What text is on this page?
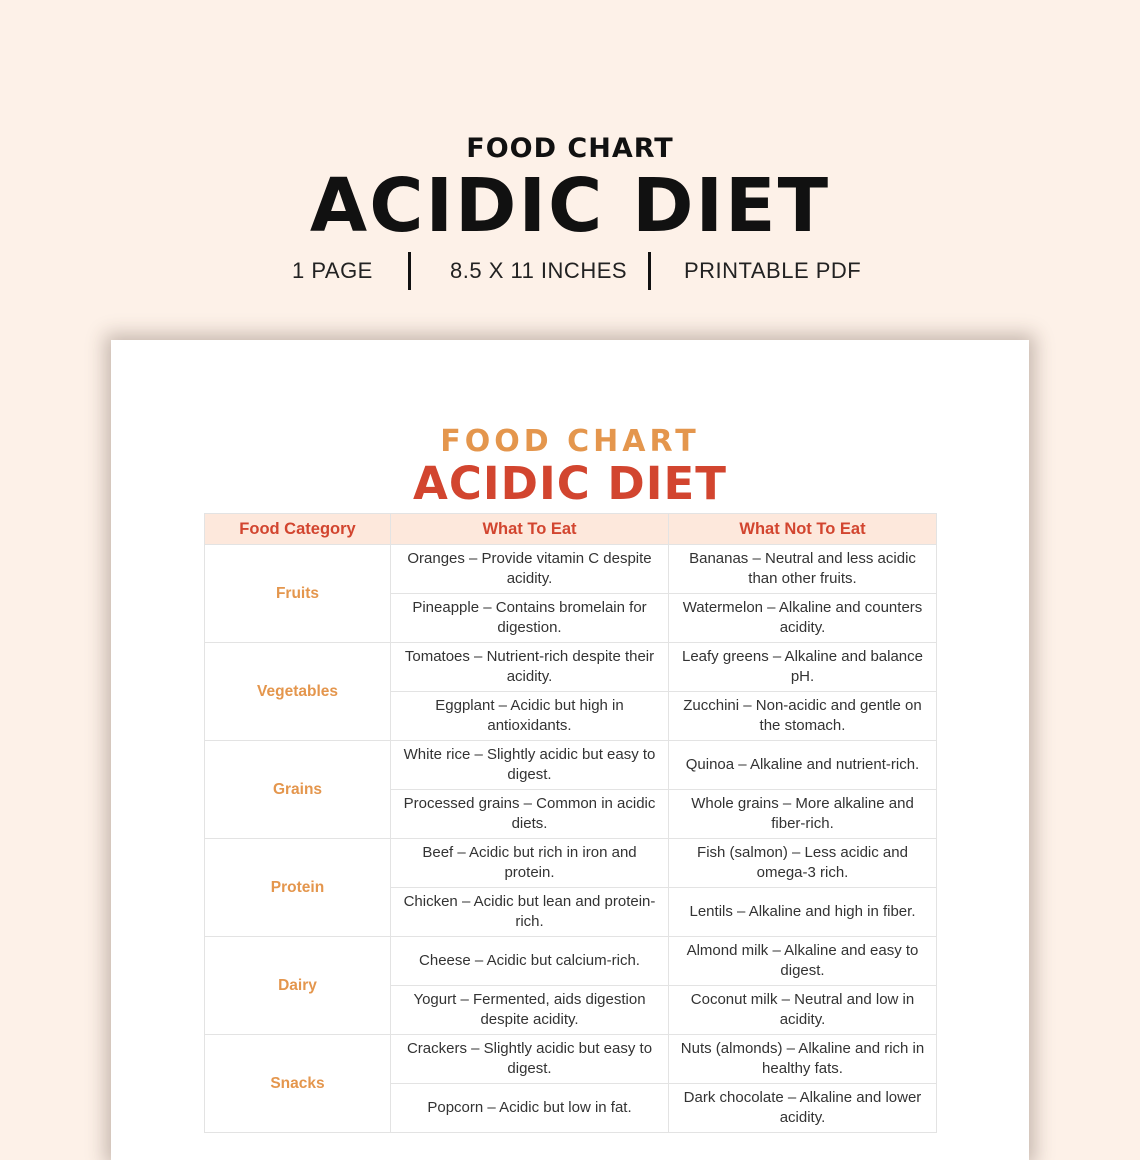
FOOD CHART
ACIDIC DIET
1 PAGE	8.5 X 11 INCHES	PRINTABLE PDF
FOOD CHART
ACIDIC DIET
Food Category	What To Eat	What Not To Eat
Fruits	Oranges – Provide vitamin C despite acidity.	Bananas – Neutral and less acidic than other fruits.
	Pineapple – Contains bromelain for digestion.	Watermelon – Alkaline and counters acidity.
Vegetables	Tomatoes – Nutrient-rich despite their acidity.	Leafy greens – Alkaline and balance pH.
	Eggplant – Acidic but high in antioxidants.	Zucchini – Non-acidic and gentle on the stomach.
Grains	White rice – Slightly acidic but easy to digest.	Quinoa – Alkaline and nutrient-rich.
	Processed grains – Common in acidic diets.	Whole grains – More alkaline and fiber-rich.
Protein	Beef – Acidic but rich in iron and protein.	Fish (salmon) – Less acidic and omega-3 rich.
	Chicken – Acidic but lean and protein-rich.	Lentils – Alkaline and high in fiber.
Dairy	Cheese – Acidic but calcium-rich.	Almond milk – Alkaline and easy to digest.
	Yogurt – Fermented, aids digestion despite acidity.	Coconut milk – Neutral and low in acidity.
Snacks	Crackers – Slightly acidic but easy to digest.	Nuts (almonds) – Alkaline and rich in healthy fats.
	Popcorn – Acidic but low in fat.	Dark chocolate – Alkaline and lower acidity.
